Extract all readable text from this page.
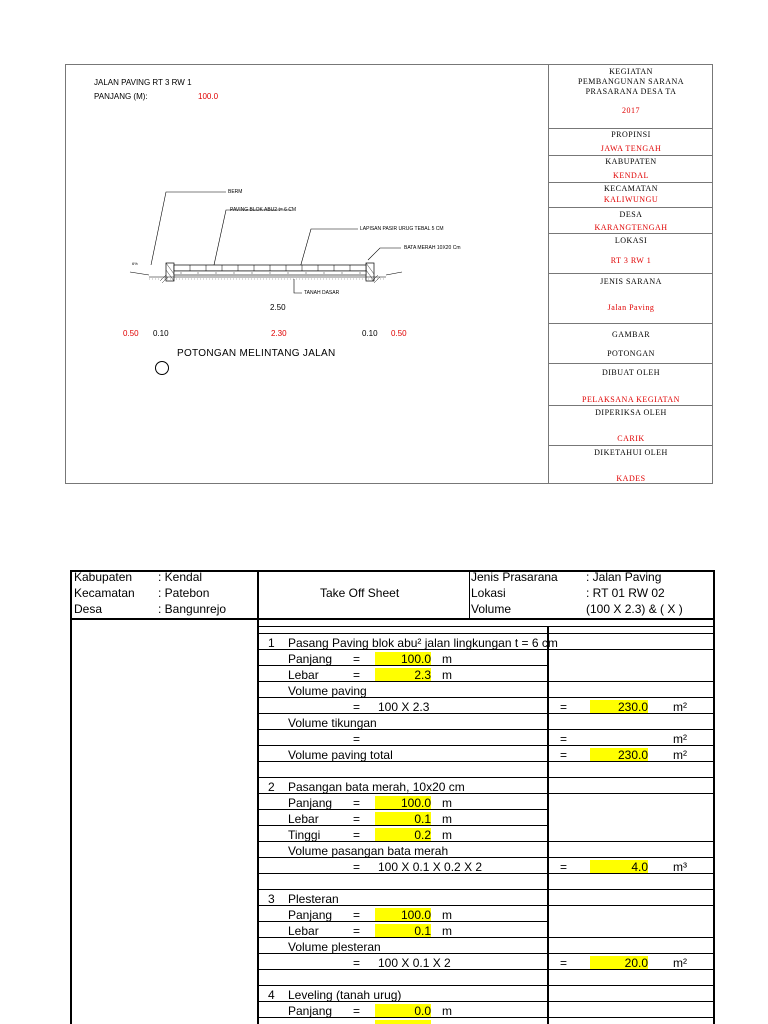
JALAN PAVING RT 3 RW 1
PANJANG (M):	100.0
BERM
PAVING BLOK ABU2 t= 6 CM
LAPISAN PASIR URUG TEBAL 5 CM
BATA MERAH 10X20 Cm
TANAH DASAR
6%
2.50
0.50 0.10	2.30	0.10 0.50
POTONGAN MELINTANG JALAN
KEGIATAN
PEMBANGUNAN SARANA
PRASARANA DESA TA
2017
PROPINSI
JAWA TENGAH
KABUPATEN
KENDAL
KECAMATAN
KALIWUNGU
DESA
KARANGTENGAH
LOKASI
RT 3 RW 1
JENIS SARANA
Jalan Paving
GAMBAR
POTONGAN
DIBUAT OLEH
PELAKSANA KEGIATAN
DIPERIKSA OLEH
CARIK
DIKETAHUI OLEH
KADES
Kabupaten : Kendal
Kecamatan : Patebon
Desa	: Bangunrejo
Take Off Sheet
Jenis Prasarana : Jalan Paving
Lokasi	: RT 01 RW 02
Volume	(100 X 2.3) & ( X )
1 Pasang Paving blok abu² jalan lingkungan t = 6 cm
Panjang =	100.0 m
Lebar	=	2.3 m
Volume paving
= 100 X 2.3	=	230.0 m²
Volume tikungan
=	=	m²
Volume paving total	=	230.0 m²
2 Pasangan bata merah, 10x20 cm
Panjang =	100.0 m
Lebar	=	0.1 m
Tinggi	=	0.2 m
Volume pasangan bata merah
= 100 X 0.1 X 0.2 X 2	=	4.0 m³
3 Plesteran
Panjang =	100.0 m
Lebar	=	0.1 m
Volume plesteran
= 100 X 0.1 X 2	=	20.0 m²
4 Leveling (tanah urug)
Panjang =	0.0 m
